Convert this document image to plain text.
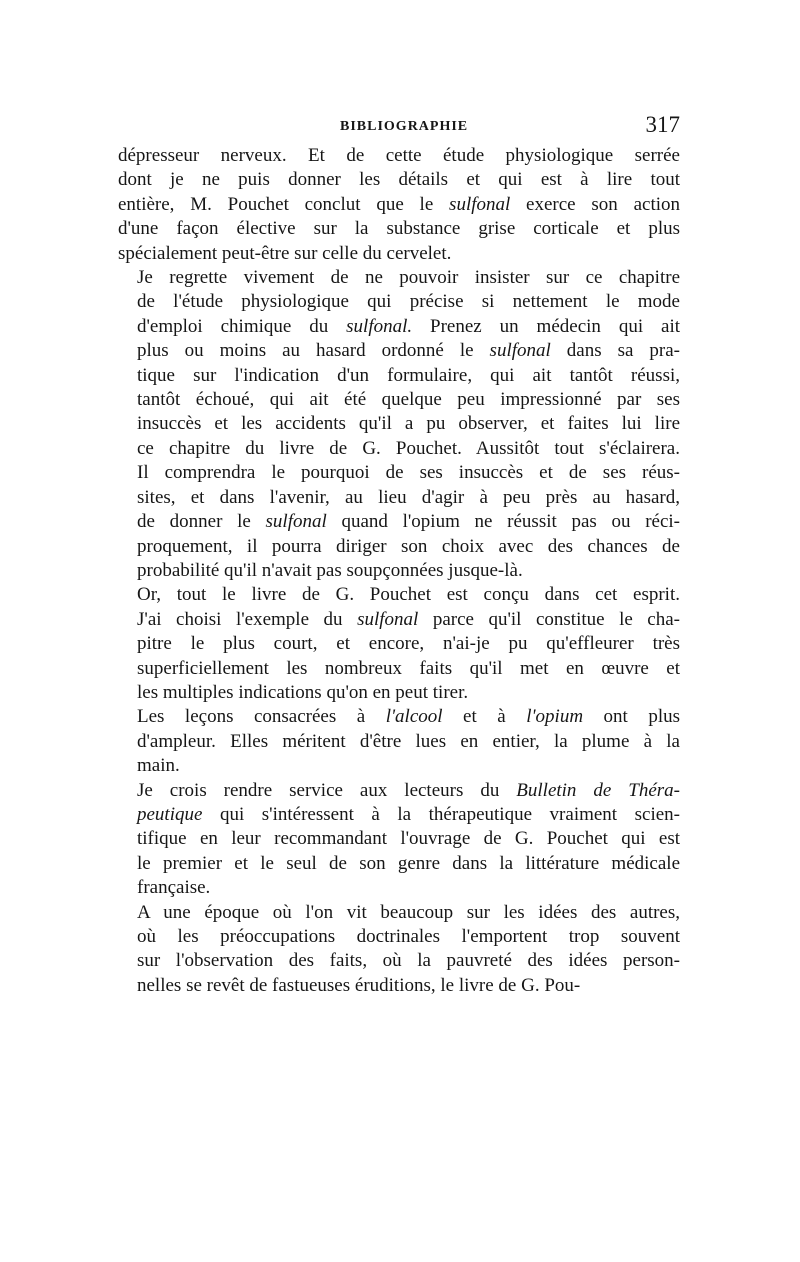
BIBLIOGRAPHIE	317

dépresseur nerveux. Et de cette étude physiologique serrée
dont je ne puis donner les détails et qui est à lire tout
entière, M. Pouchet conclut que le sulfonal exerce son action
d'une façon élective sur la substance grise corticale et plus
spécialement peut-être sur celle du cervelet.

Je regrette vivement de ne pouvoir insister sur ce chapitre
de l'étude physiologique qui précise si nettement le mode
d'emploi chimique du sulfonal. Prenez un médecin qui ait
plus ou moins au hasard ordonné le sulfonal dans sa pra-
tique sur l'indication d'un formulaire, qui ait tantôt réussi,
tantôt échoué, qui ait été quelque peu impressionné par ses
insuccès et les accidents qu'il a pu observer, et faites lui lire
ce chapitre du livre de G. Pouchet. Aussitôt tout s'éclairera.
Il comprendra le pourquoi de ses insuccès et de ses réus-
sites, et dans l'avenir, au lieu d'agir à peu près au hasard,
de donner le sulfonal quand l'opium ne réussit pas ou réci-
proquement, il pourra diriger son choix avec des chances de
probabilité qu'il n'avait pas soupçonnées jusque-là.

Or, tout le livre de G. Pouchet est conçu dans cet esprit.
J'ai choisi l'exemple du sulfonal parce qu'il constitue le cha-
pitre le plus court, et encore, n'ai-je pu qu'effleurer très
superficiellement les nombreux faits qu'il met en œuvre et
les multiples indications qu'on en peut tirer.

Les leçons consacrées à l'alcool et à l'opium ont plus
d'ampleur. Elles méritent d'être lues en entier, la plume à la
main.

Je crois rendre service aux lecteurs du Bulletin de Théra-
peutique qui s'intéressent à la thérapeutique vraiment scien-
tifique en leur recommandant l'ouvrage de G. Pouchet qui est
le premier et le seul de son genre dans la littérature médicale
française.

A une époque où l'on vit beaucoup sur les idées des autres,
où les préoccupations doctrinales l'emportent trop souvent
sur l'observation des faits, où la pauvreté des idées person-
nelles se revêt de fastueuses éruditions, le livre de G. Pou-
